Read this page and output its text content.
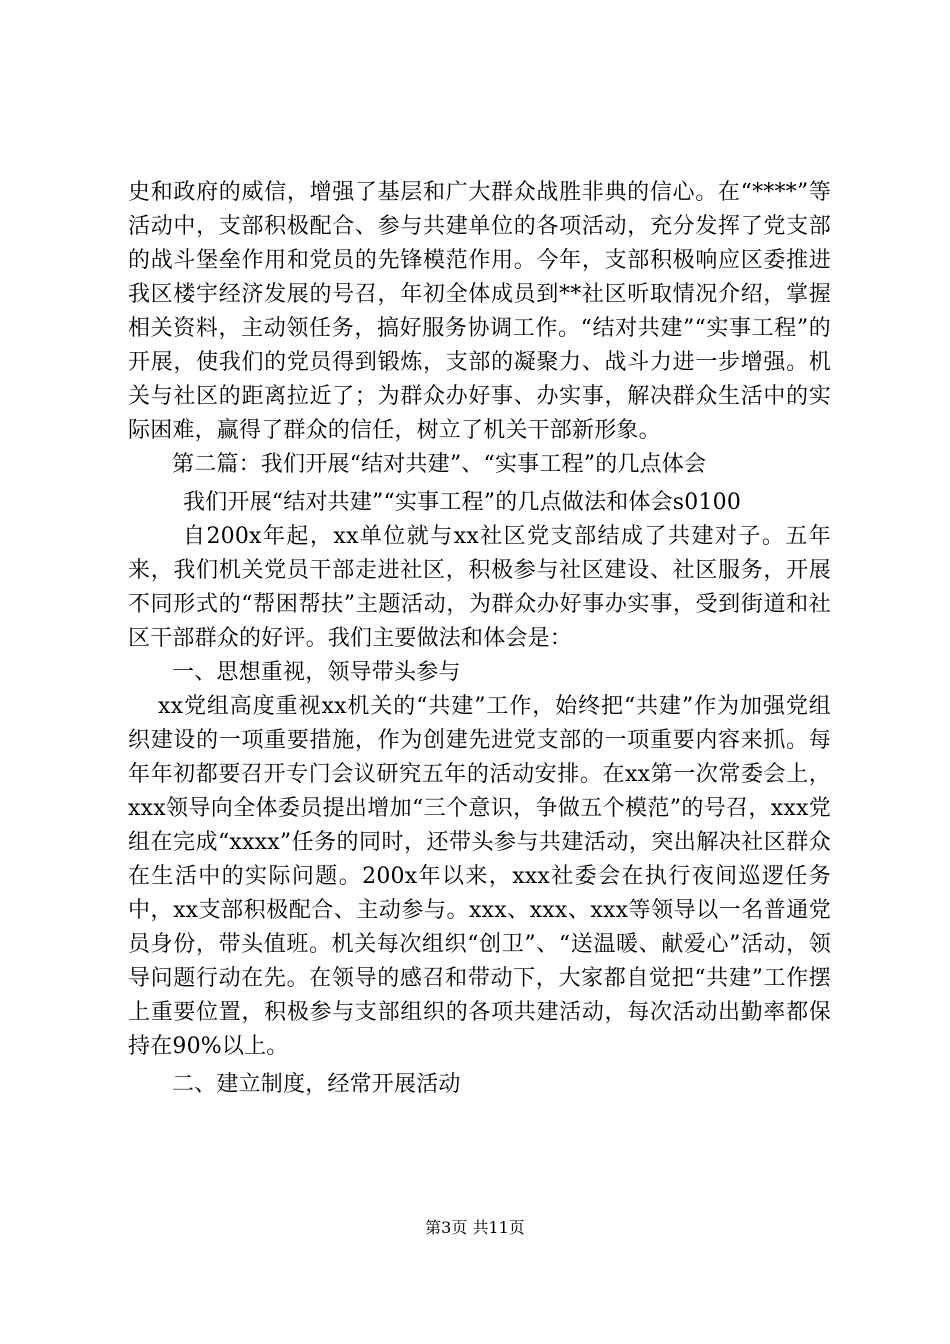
史和政府的威信，增强了基层和广大群众战胜非典的信心。在“****”等活动中，支部积极配合、参与共建单位的各项活动，充分发挥了党支部的战斗堡垒作用和党员的先锋模范作用。今年，支部积极响应区委推进我区楼宇经济发展的号召，年初全体成员到**社区听取情况介绍，掌握相关资料，主动领任务，搞好服务协调工作。“结对共建”“实事工程”的开展，使我们的党员得到锻炼，支部的凝聚力、战斗力进一步增强。机关与社区的距离拉近了；为群众办好事、办实事，解决群众生活中的实际困难，赢得了群众的信任，树立了机关干部新形象。

第二篇：我们开展“结对共建”、“实事工程”的几点体会

我们开展“结对共建”“实事工程”的几点做法和体会s0100

自200x年起，xx单位就与xx社区党支部结成了共建对子。五年来，我们机关党员干部走进社区，积极参与社区建设、社区服务，开展不同形式的“帮困帮扶”主题活动，为群众办好事办实事，受到街道和社区干部群众的好评。我们主要做法和体会是：

一、思想重视，领导带头参与

xx党组高度重视xx机关的“共建”工作，始终把“共建”作为加强党组织建设的一项重要措施，作为创建先进党支部的一项重要内容来抓。每年年初都要召开专门会议研究五年的活动安排。在xx第一次常委会上，xxx领导向全体委员提出增加“三个意识，争做五个模范”的号召，xxx党组在完成“xxxx”任务的同时，还带头参与共建活动，突出解决社区群众在生活中的实际问题。200x年以来，xxx社委会在执行夜间巡逻任务中，xx支部积极配合、主动参与。xxx、xxx、xxx等领导以一名普通党员身份，带头值班。机关每次组织“创卫”、“送温暖、献爱心”活动，领导问题行动在先。在领导的感召和带动下，大家都自觉把“共建”工作摆上重要位置，积极参与支部组织的各项共建活动，每次活动出勤率都保持在90%以上。

二、建立制度，经常开展活动

第3页 共11页
